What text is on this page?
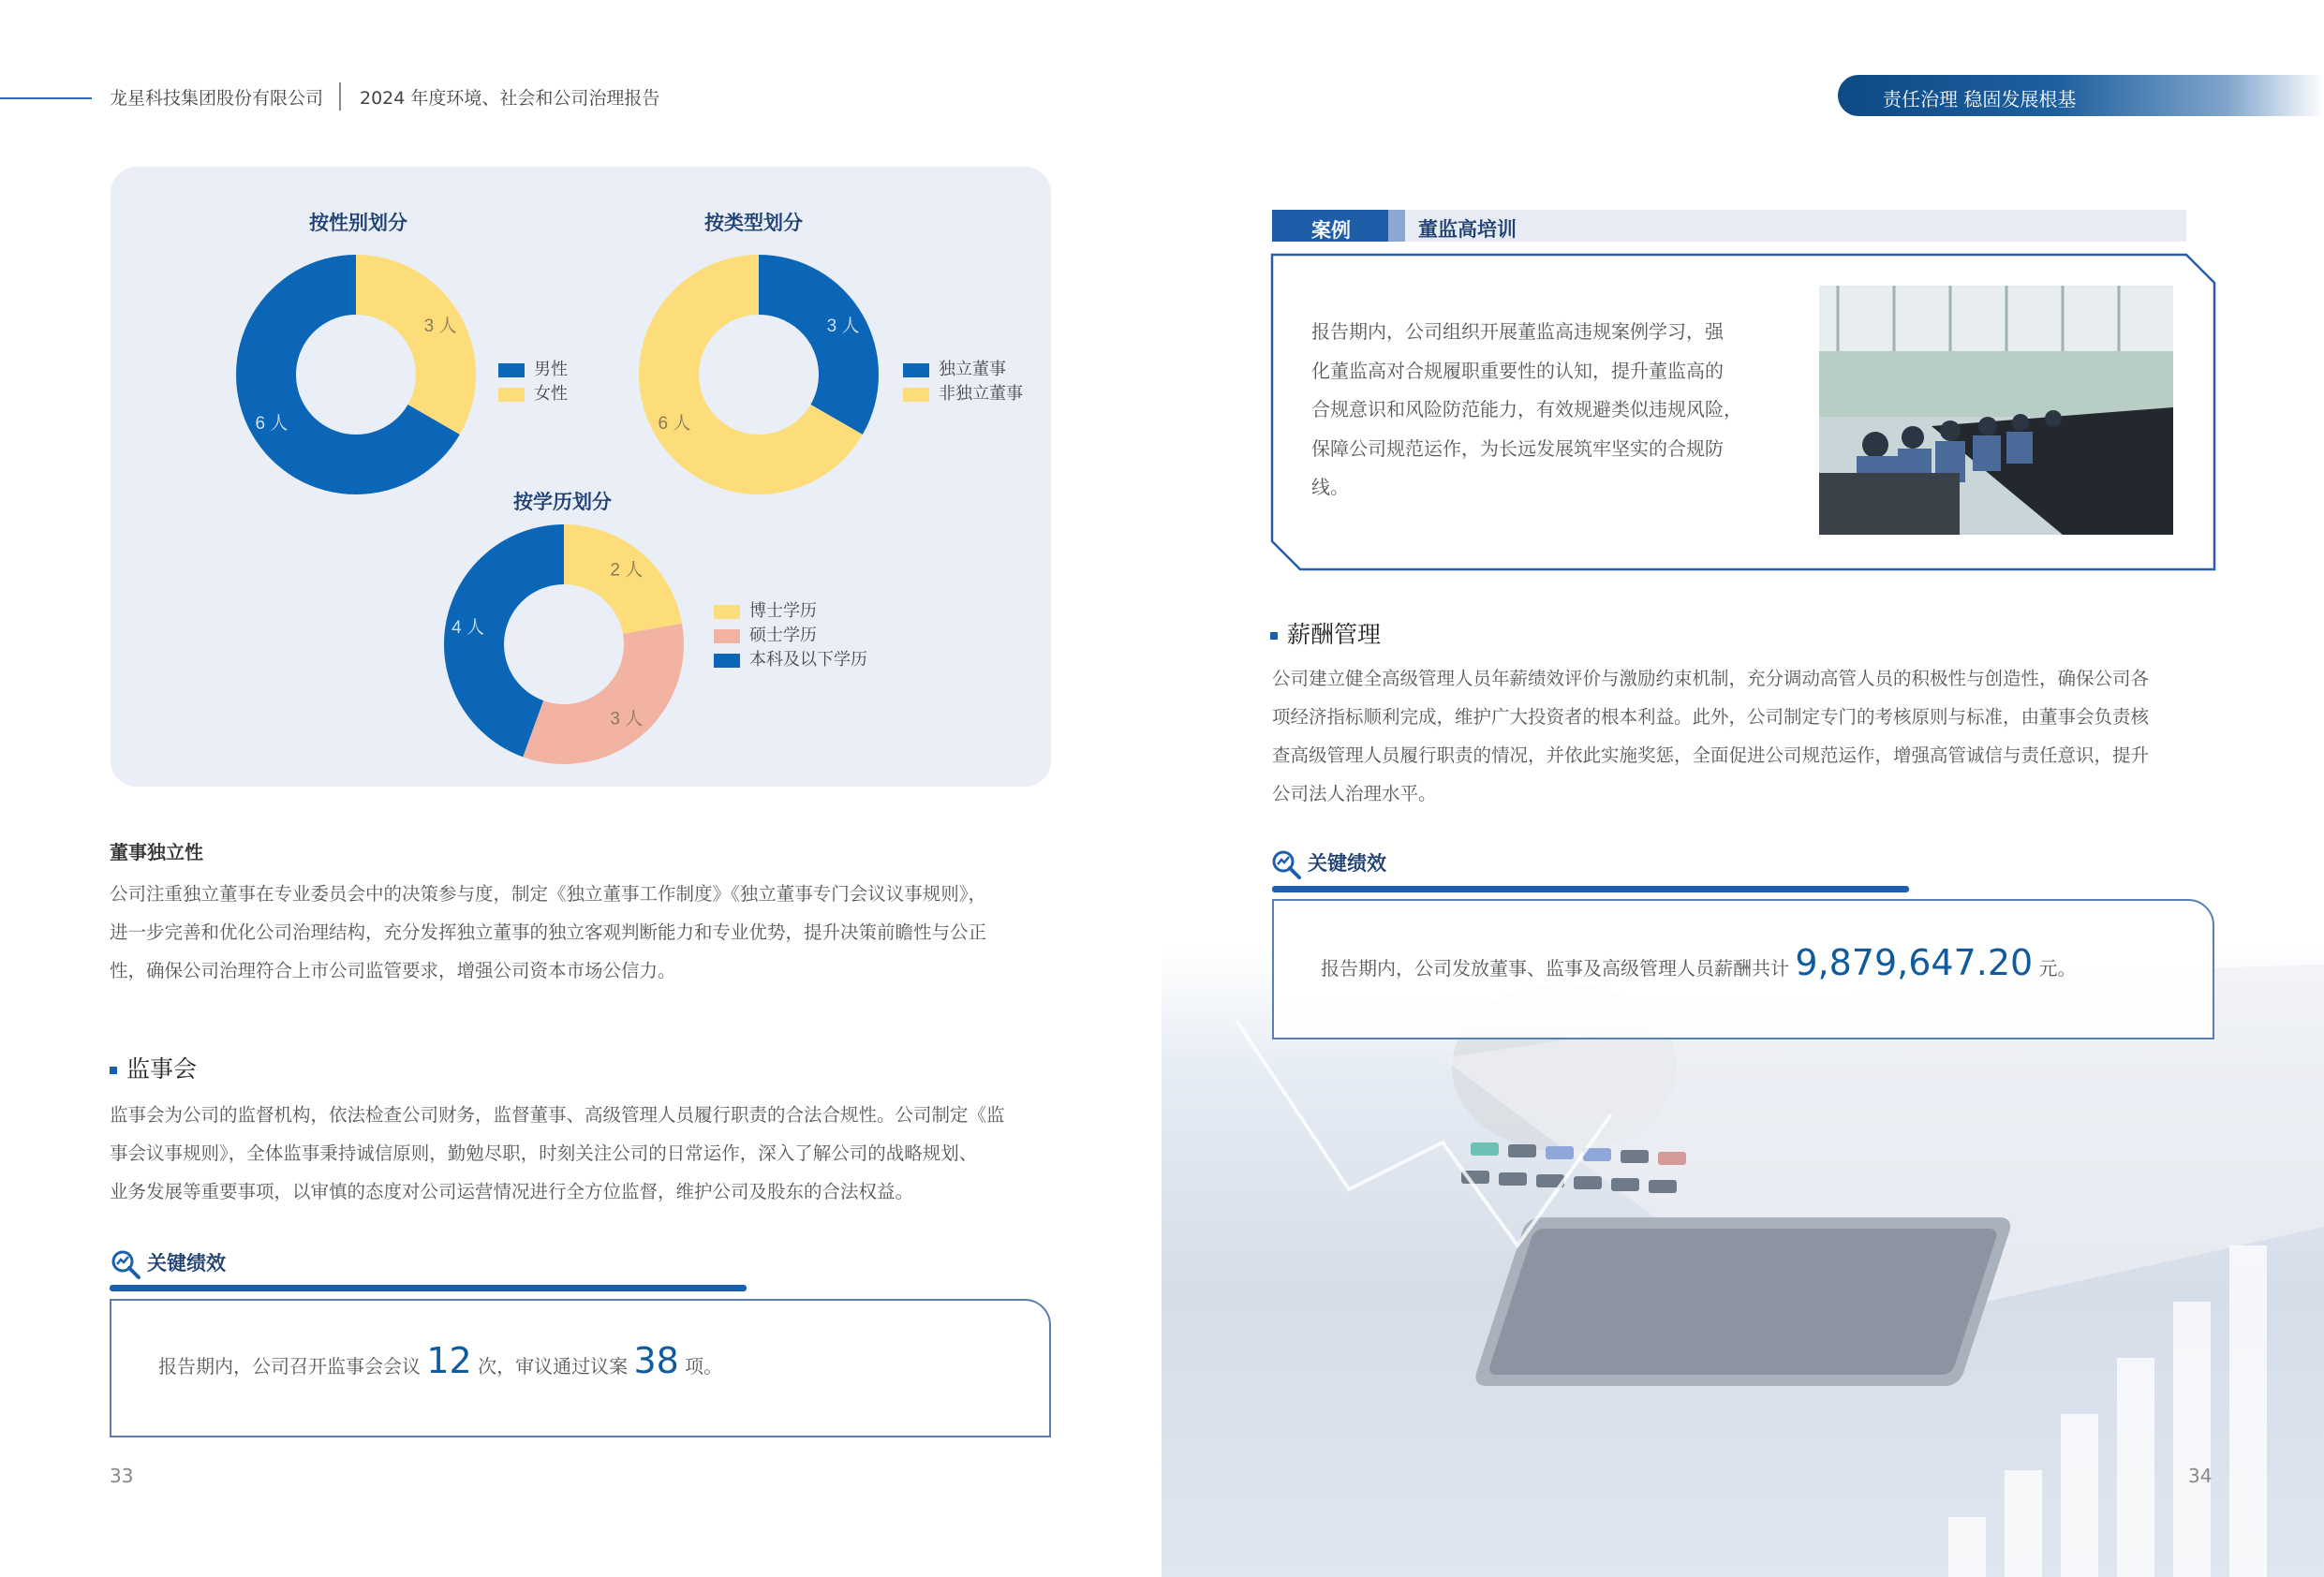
龙星科技集团股份有限公司 2024 年度环境、社会和公司治理报告	责任治理 稳固发展根基
按性别划分	按类型划分
按学历划分
3 人
6 人
3 人
6 人
2 人
3 人
4 人
男性
女性
独立董事
非独立董事
博士学历
硕士学历
本科及以下学历
董事独立性
公司注重独立董事在专业委员会中的决策参与度，制定《独立董事工作制度》《独立董事专门会议议事规则》，
进一步完善和优化公司治理结构，充分发挥独立董事的独立客观判断能力和专业优势，提升决策前瞻性与公正
性，确保公司治理符合上市公司监管要求，增强公司资本市场公信力。
监事会
监事会为公司的监督机构，依法检查公司财务，监督董事、高级管理人员履行职责的合法合规性。公司制定《监
事会议事规则》，全体监事秉持诚信原则，勤勉尽职，时刻关注公司的日常运作，深入了解公司的战略规划、
业务发展等重要事项，以审慎的态度对公司运营情况进行全方位监督，维护公司及股东的合法权益。
关键绩效
报告期内，公司召开监事会会议 12 次，审议通过议案 38 项。
33	34
案例	董监高培训
报告期内，公司组织开展董监高违规案例学习，强
化董监高对合规履职重要性的认知，提升董监高的
合规意识和风险防范能力，有效规避类似违规风险，
保障公司规范运作，为长远发展筑牢坚实的合规防
线。
薪酬管理
公司建立健全高级管理人员年薪绩效评价与激励约束机制，充分调动高管人员的积极性与创造性，确保公司各
项经济指标顺利完成，维护广大投资者的根本利益。此外，公司制定专门的考核原则与标准，由董事会负责核
查高级管理人员履行职责的情况，并依此实施奖惩，全面促进公司规范运作，增强高管诚信与责任意识，提升
公司法人治理水平。
关键绩效
报告期内，公司发放董事、监事及高级管理人员薪酬共计 9,879,647.20 元。
